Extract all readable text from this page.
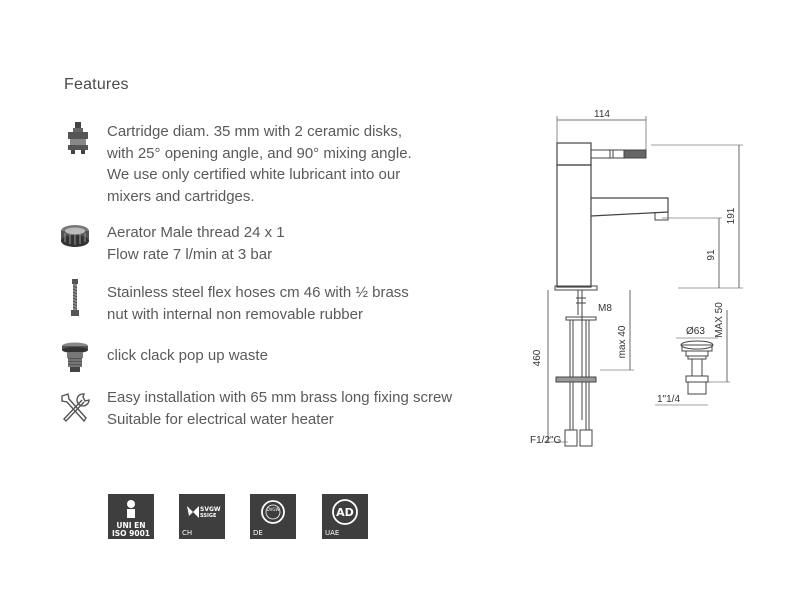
Features
Cartridge diam. 35 mm with 2 ceramic disks,
with 25° opening angle, and 90° mixing angle.
We use only certified white lubricant into our
mixers and cartridges.
Aerator Male thread 24 x 1
Flow rate 7 l/min at 3 bar
Stainless steel flex hoses cm 46 with ½ brass
nut with internal non removable rubber
click clack pop up waste
Easy installation with 65 mm brass long fixing screw
Suitable for electrical water heater
UNI EN
ISO 9001
SVGW
SSIGE
CH
DVGW
DE
AD
UAE
114
191
91
M8
max 40
460
F1/2"G
Ø63 MAX 50
1"1/4
